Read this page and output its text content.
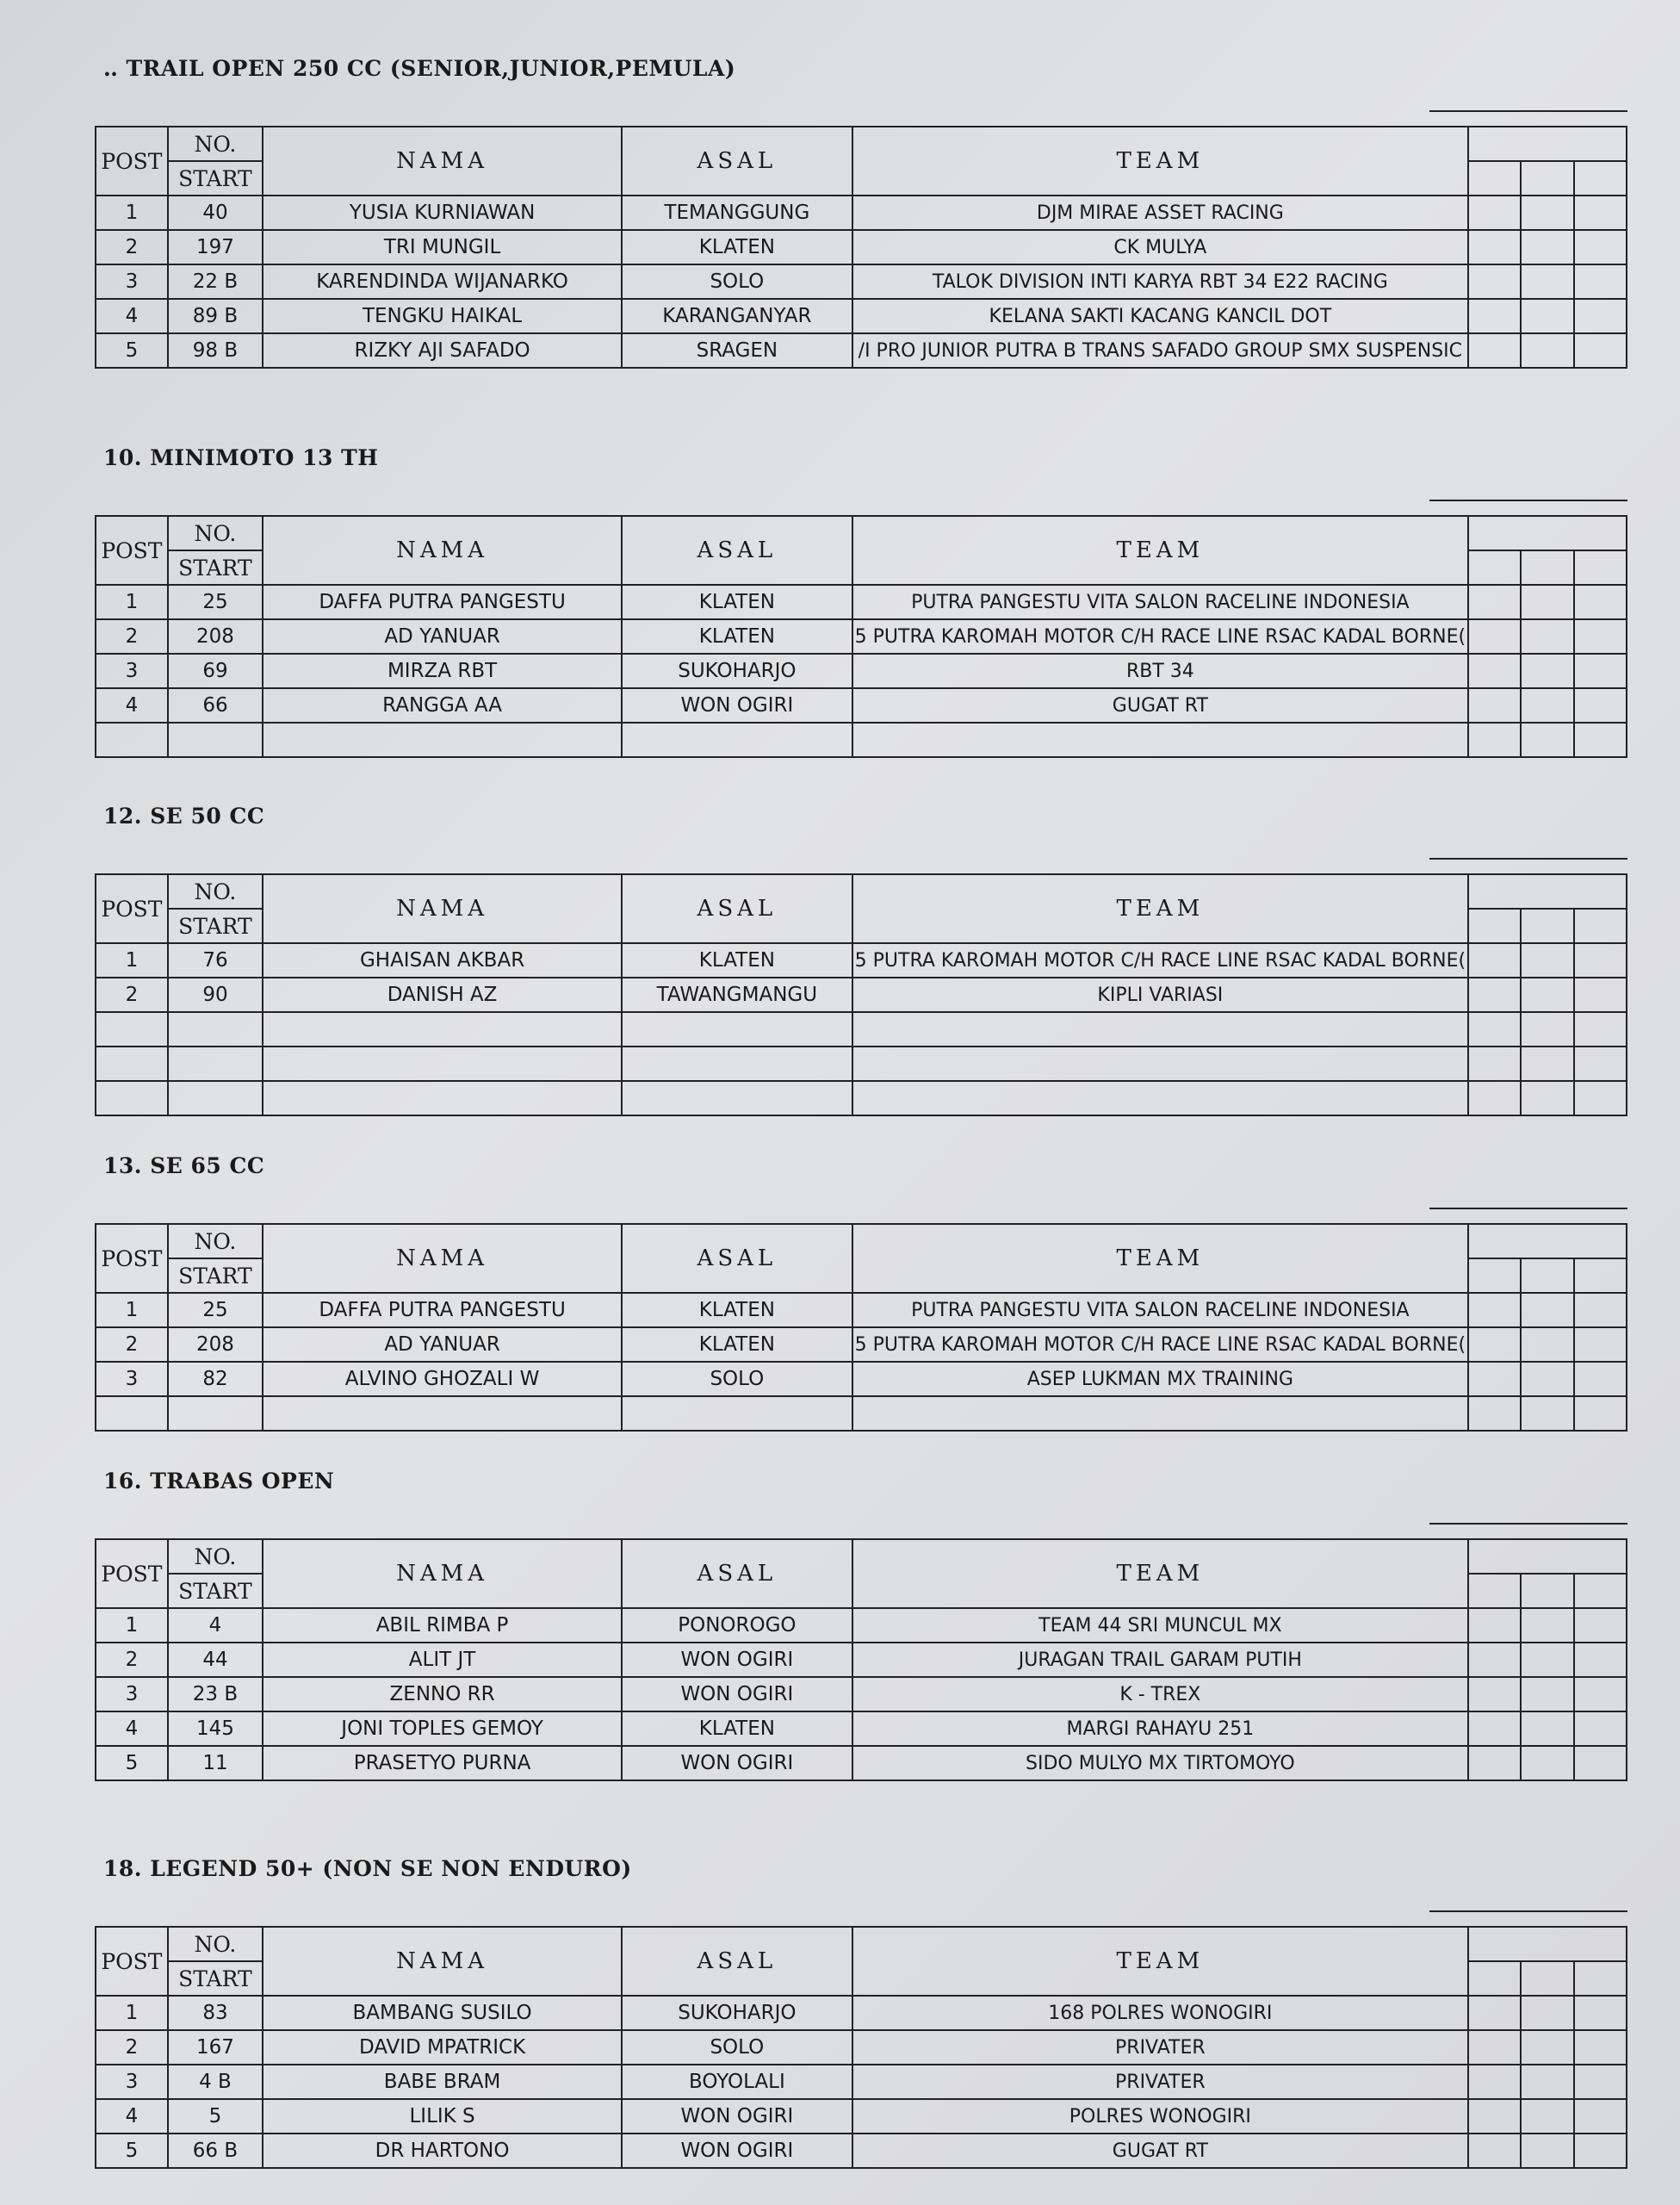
‥ TRAIL OPEN 250 CC (SENIOR,JUNIOR,PEMULA)
POST	NO.	NAMA	ASAL	TEAM			
	START						
1	40	YUSIA KURNIAWAN	TEMANGGUNG	DJM MIRAE ASSET RACING			
2	197	TRI MUNGIL	KLATEN	CK MULYA			
3	22 B	KARENDINDA WIJANARKO	SOLO	TALOK DIVISION INTI KARYA RBT 34 E22 RACING			
4	89 B	TENGKU HAIKAL	KARANGANYAR	KELANA SAKTI KACANG KANCIL DOT			
5	98 B	RIZKY AJI SAFADO	SRAGEN	/I PRO JUNIOR PUTRA B TRANS SAFADO GROUP SMX SUSPENSIC			
10. MINIMOTO 13 TH
POST	NO.	NAMA	ASAL	TEAM			
	START						
1	25	DAFFA PUTRA PANGESTU	KLATEN	PUTRA PANGESTU VITA SALON RACELINE INDONESIA			
2	208	AD YANUAR	KLATEN	5 PUTRA KAROMAH MOTOR C/H RACE LINE RSAC KADAL BORNE(			
3	69	MIRZA RBT	SUKOHARJO	RBT 34			
4	66	RANGGA AA	WON OGIRI	GUGAT RT			

12. SE 50 CC
POST	NO.	NAMA	ASAL	TEAM			
	START						
1	76	GHAISAN AKBAR	KLATEN	5 PUTRA KAROMAH MOTOR C/H RACE LINE RSAC KADAL BORNE(			
2	90	DANISH AZ	TAWANGMANGU	KIPLI VARIASI			

13. SE 65 CC
POST	NO.	NAMA	ASAL	TEAM			
	START						
1	25	DAFFA PUTRA PANGESTU	KLATEN	PUTRA PANGESTU VITA SALON RACELINE INDONESIA			
2	208	AD YANUAR	KLATEN	5 PUTRA KAROMAH MOTOR C/H RACE LINE RSAC KADAL BORNE(			
3	82	ALVINO GHOZALI W	SOLO	ASEP LUKMAN MX TRAINING			

16. TRABAS OPEN
POST	NO.	NAMA	ASAL	TEAM			
	START						
1	4	ABIL RIMBA P	PONOROGO	TEAM 44 SRI MUNCUL MX			
2	44	ALIT JT	WON OGIRI	JURAGAN TRAIL GARAM PUTIH			
3	23 B	ZENNO RR	WON OGIRI	K - TREX			
4	145	JONI TOPLES GEMOY	KLATEN	MARGI RAHAYU 251			
5	11	PRASETYO PURNA	WON OGIRI	SIDO MULYO MX TIRTOMOYO			
18. LEGEND 50+ (NON SE NON ENDURO)
POST	NO.	NAMA	ASAL	TEAM			
	START						
1	83	BAMBANG SUSILO	SUKOHARJO	168 POLRES WONOGIRI			
2	167	DAVID MPATRICK	SOLO	PRIVATER			
3	4 B	BABE BRAM	BOYOLALI	PRIVATER			
4	5	LILIK S	WON OGIRI	POLRES WONOGIRI			
5	66 B	DR HARTONO	WON OGIRI	GUGAT RT			
